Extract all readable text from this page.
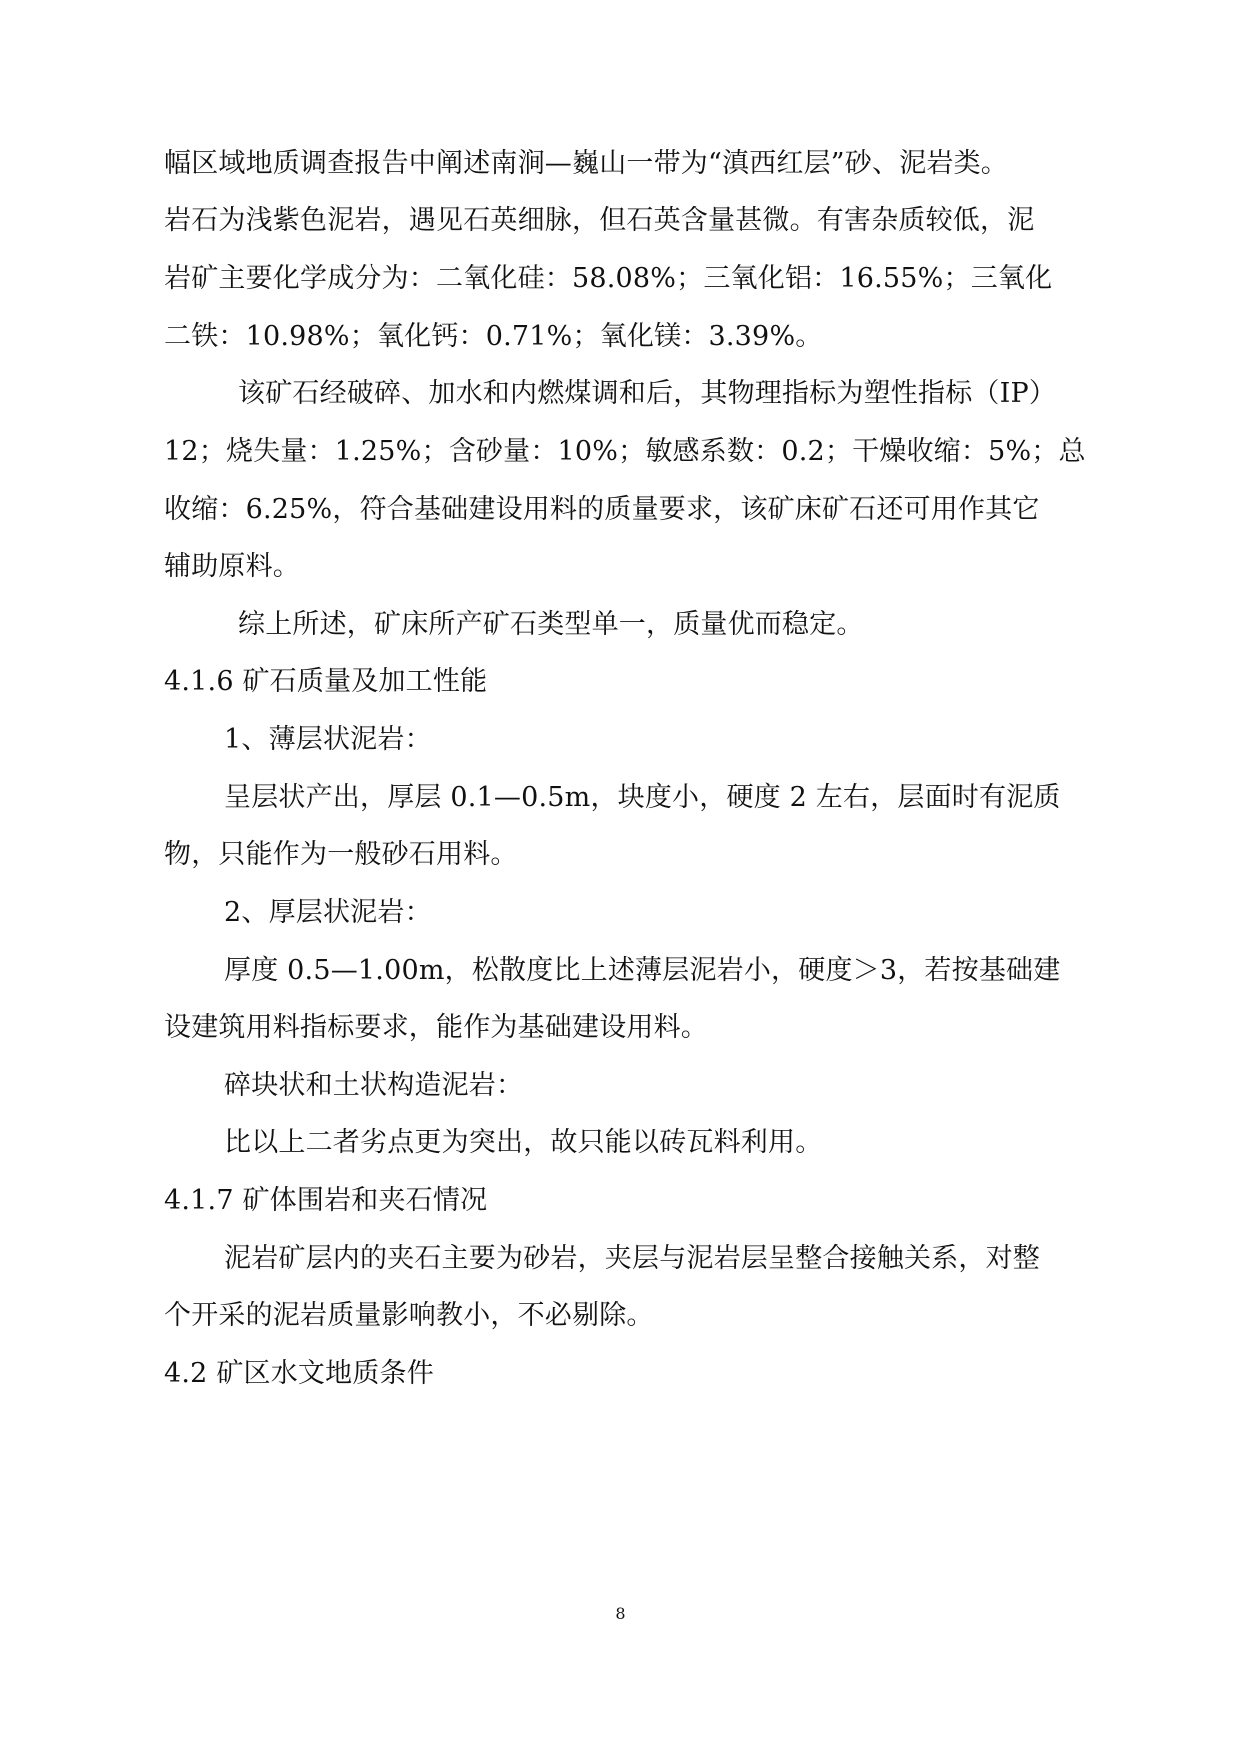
幅区域地质调查报告中阐述南涧—巍山一带为“滇西红层”砂、泥岩类。
岩石为浅紫色泥岩，遇见石英细脉，但石英含量甚微。有害杂质较低，泥
岩矿主要化学成分为：二氧化硅：58.08%；三氧化铝：16.55%；三氧化
二铁：10.98%；氧化钙：0.71%；氧化镁：3.39%。
该矿石经破碎、加水和内燃煤调和后，其物理指标为塑性指标（IP）
12；烧失量：1.25%；含砂量：10%；敏感系数：0.2；干燥收缩：5%；总
收缩：6.25%，符合基础建设用料的质量要求，该矿床矿石还可用作其它
辅助原料。
综上所述，矿床所产矿石类型单一，质量优而稳定。
4.1.6 矿石质量及加工性能
1、薄层状泥岩：
呈层状产出，厚层 0.1—0.5m，块度小，硬度 2 左右，层面时有泥质
物，只能作为一般砂石用料。
2、厚层状泥岩：
厚度 0.5—1.00m，松散度比上述薄层泥岩小，硬度＞3，若按基础建
设建筑用料指标要求，能作为基础建设用料。
碎块状和土状构造泥岩：
比以上二者劣点更为突出，故只能以砖瓦料利用。
4.1.7 矿体围岩和夹石情况
泥岩矿层内的夹石主要为砂岩，夹层与泥岩层呈整合接触关系，对整
个开采的泥岩质量影响教小，不必剔除。
4.2 矿区水文地质条件
8
